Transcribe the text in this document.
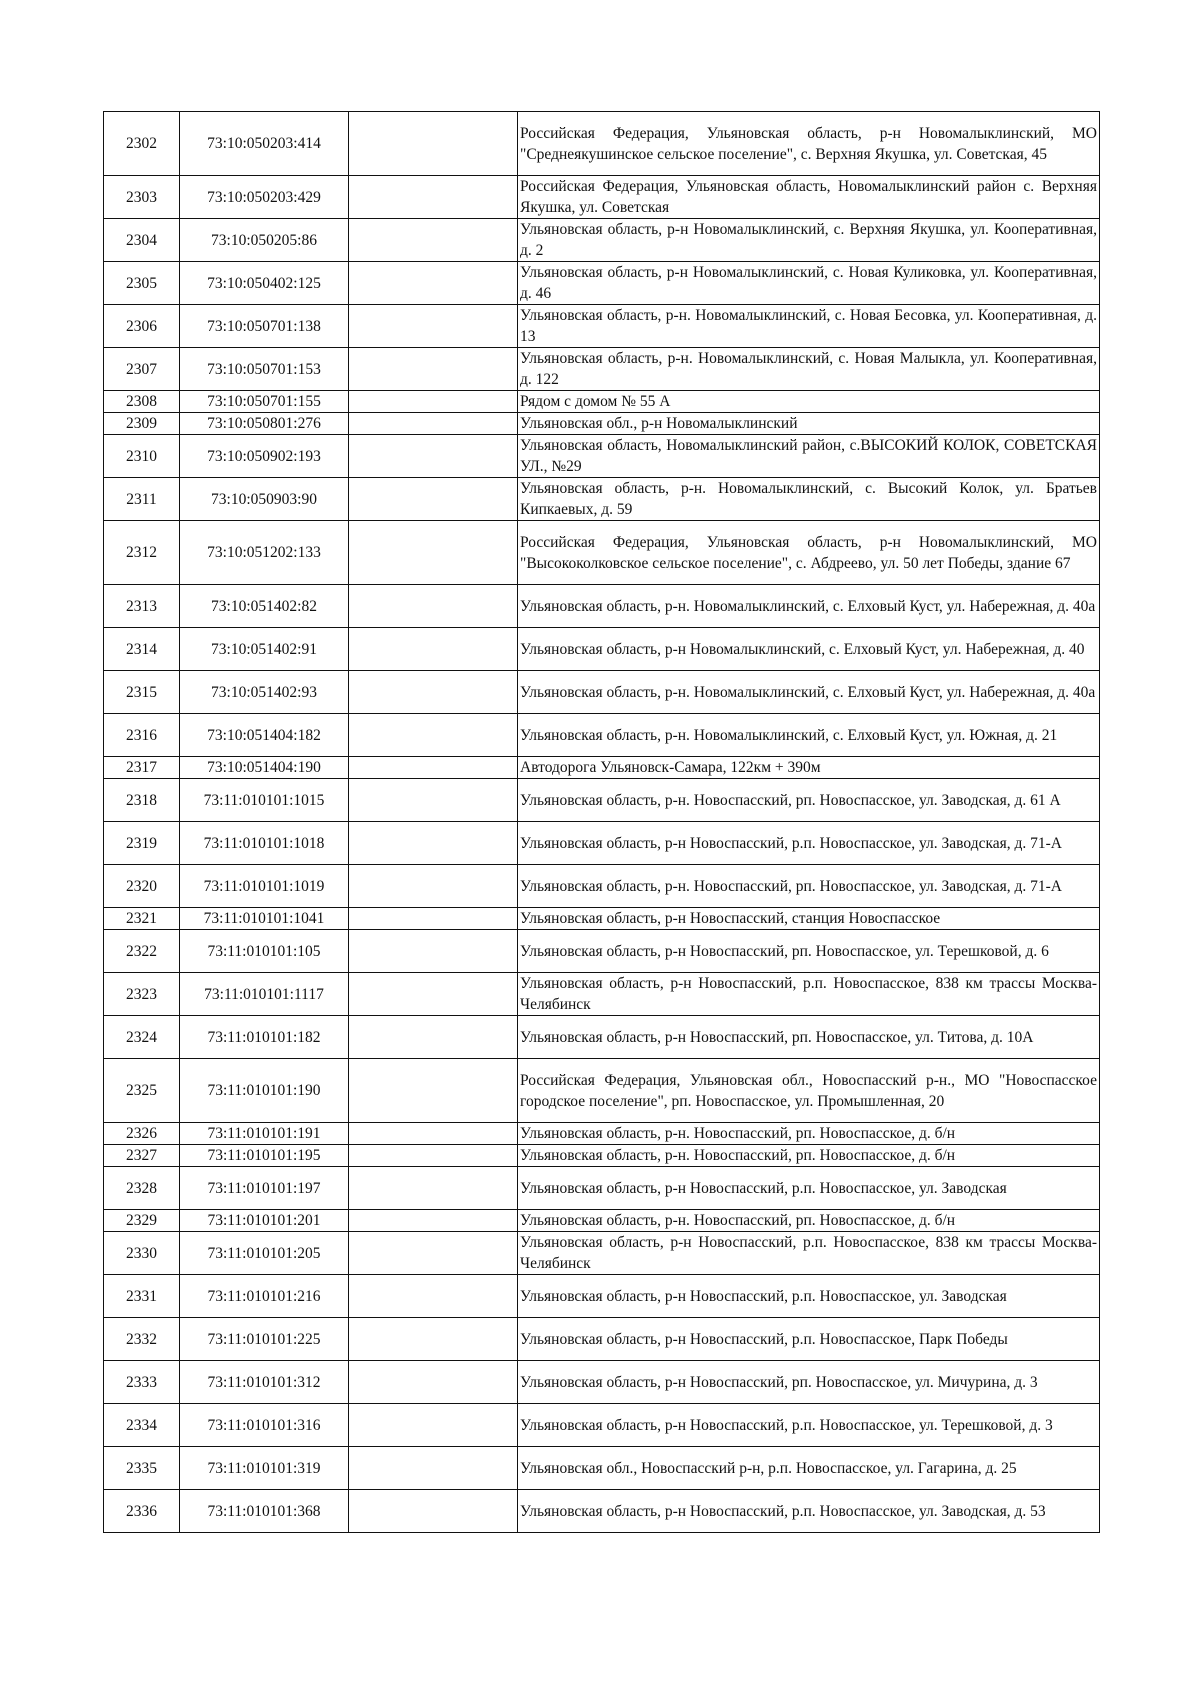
2302	73:10:050203:414		Российская Федерация, Ульяновская область, р-н Новомалыклинский, МО "Среднеякушинское сельское поселение", с. Верхняя Якушка, ул. Советская, 45
2303	73:10:050203:429		Российская Федерация, Ульяновская область, Новомалыклинский район с. Верхняя Якушка, ул. Советская
2304	73:10:050205:86		Ульяновская область, р-н Новомалыклинский, с. Верхняя Якушка, ул. Кооперативная, д. 2
2305	73:10:050402:125		Ульяновская область, р-н Новомалыклинский, с. Новая Куликовка, ул. Кооперативная, д. 46
2306	73:10:050701:138		Ульяновская область, р-н. Новомалыклинский, с. Новая Бесовка, ул. Кооперативная, д. 13
2307	73:10:050701:153		Ульяновская область, р-н. Новомалыклинский, с. Новая Малыкла, ул. Кооперативная, д. 122
2308	73:10:050701:155		Рядом с домом № 55 А
2309	73:10:050801:276		Ульяновская обл., р-н Новомалыклинский
2310	73:10:050902:193		Ульяновская область, Новомалыклинский район, с.ВЫСОКИЙ КОЛОК, СОВЕТСКАЯ УЛ., №29
2311	73:10:050903:90		Ульяновская область, р-н. Новомалыклинский, с. Высокий Колок, ул. Братьев Кипкаевых, д. 59
2312	73:10:051202:133		Российская Федерация, Ульяновская область, р-н Новомалыклинский, МО "Высококолковское сельское поселение", с. Абдреево, ул. 50 лет Победы, здание 67
2313	73:10:051402:82		Ульяновская область, р-н. Новомалыклинский, с. Елховый Куст, ул. Набережная, д. 40а
2314	73:10:051402:91		Ульяновская область, р-н Новомалыклинский, с. Елховый Куст, ул. Набережная, д. 40
2315	73:10:051402:93		Ульяновская область, р-н. Новомалыклинский, с. Елховый Куст, ул. Набережная, д. 40а
2316	73:10:051404:182		Ульяновская область, р-н. Новомалыклинский, с. Елховый Куст, ул. Южная, д. 21
2317	73:10:051404:190		Автодорога Ульяновск-Самара, 122км + 390м
2318	73:11:010101:1015		Ульяновская область, р-н. Новоспасский, рп. Новоспасское, ул. Заводская, д. 61 А
2319	73:11:010101:1018		Ульяновская область, р-н Новоспасский, р.п. Новоспасское, ул. Заводская, д. 71-А
2320	73:11:010101:1019		Ульяновская область, р-н. Новоспасский, рп. Новоспасское, ул. Заводская, д. 71-А
2321	73:11:010101:1041		Ульяновская область, р-н Новоспасский, станция Новоспасское
2322	73:11:010101:105		Ульяновская область, р-н Новоспасский, рп. Новоспасское, ул. Терешковой, д. 6
2323	73:11:010101:1117		Ульяновская область, р-н Новоспасский, р.п. Новоспасское, 838 км трассы Москва-Челябинск
2324	73:11:010101:182		Ульяновская область, р-н Новоспасский, рп. Новоспасское, ул. Титова, д. 10А
2325	73:11:010101:190		Российская Федерация, Ульяновская обл., Новоспасский р-н., МО "Новоспасское городское поселение", рп. Новоспасское, ул. Промышленная, 20
2326	73:11:010101:191		Ульяновская область, р-н. Новоспасский, рп. Новоспасское, д. б/н
2327	73:11:010101:195		Ульяновская область, р-н. Новоспасский, рп. Новоспасское, д. б/н
2328	73:11:010101:197		Ульяновская область, р-н Новоспасский, р.п. Новоспасское, ул. Заводская
2329	73:11:010101:201		Ульяновская область, р-н. Новоспасский, рп. Новоспасское, д. б/н
2330	73:11:010101:205		Ульяновская область, р-н Новоспасский, р.п. Новоспасское, 838 км трассы Москва-Челябинск
2331	73:11:010101:216		Ульяновская область, р-н Новоспасский, р.п. Новоспасское, ул. Заводская
2332	73:11:010101:225		Ульяновская область, р-н Новоспасский, р.п. Новоспасское, Парк Победы
2333	73:11:010101:312		Ульяновская область, р-н Новоспасский, рп. Новоспасское, ул. Мичурина, д. 3
2334	73:11:010101:316		Ульяновская область, р-н Новоспасский, р.п. Новоспасское, ул. Терешковой, д. 3
2335	73:11:010101:319		Ульяновская обл., Новоспасский р-н, р.п. Новоспасское, ул. Гагарина, д. 25
2336	73:11:010101:368		Ульяновская область, р-н Новоспасский, р.п. Новоспасское, ул. Заводская, д. 53
